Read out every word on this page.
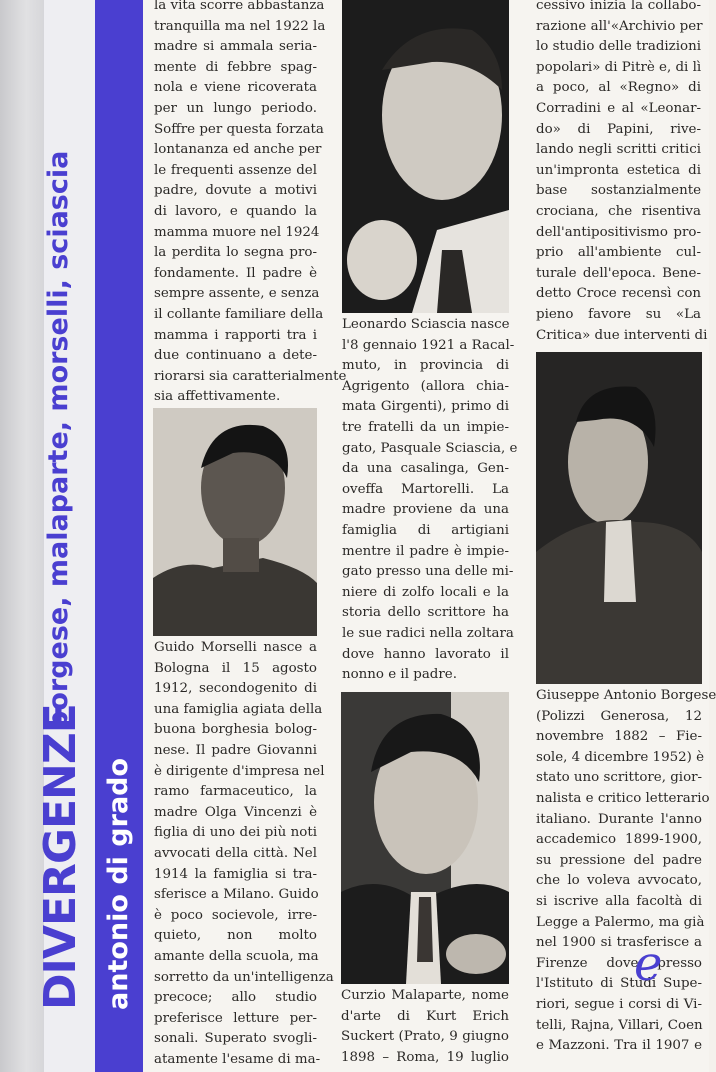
DIVERGENZE
borgese, malaparte, morselli, sciascia
antonio di grado
la vita scorre abbastanza
tranquilla ma nel 1922 la
madre si ammala seria-
mente di febbre spag-
nola e viene ricoverata
per un lungo periodo.
Soffre per questa forzata
lontananza ed anche per
le frequenti assenze del
padre, dovute a motivi
di lavoro, e quando la
mamma muore nel 1924
la perdita lo segna pro-
fondamente. Il padre è
sempre assente, e senza
il collante familiare della
mamma i rapporti tra i
due continuano a dete-
riorarsi sia caratterialmente
sia affettivamente.
Guido Morselli nasce a
Bologna il 15 agosto
1912, secondogenito di
una famiglia agiata della
buona borghesia bolog-
nese. Il padre Giovanni
è dirigente d'impresa nel
ramo farmaceutico, la
madre Olga Vincenzi è
figlia di uno dei più noti
avvocati della città. Nel
1914 la famiglia si tra-
sferisce a Milano. Guido
è poco socievole, irre-
quieto, non molto
amante della scuola, ma
sorretto da un'intelligenza
precoce; allo studio
preferisce letture per-
sonali. Superato svogli-
atamente l'esame di ma-
Leonardo Sciascia nasce
l'8 gennaio 1921 a Racal-
muto, in provincia di
Agrigento (allora chia-
mata Girgenti), primo di
tre fratelli da un impie-
gato, Pasquale Sciascia, e
da una casalinga, Gen-
oveffa Martorelli. La
madre proviene da una
famiglia di artigiani
mentre il padre è impie-
gato presso una delle mi-
niere di zolfo locali e la
storia dello scrittore ha
le sue radici nella zoltara
dove hanno lavorato il
nonno e il padre.
Curzio Malaparte, nome
d'arte di Kurt Erich
Suckert (Prato, 9 giugno
1898 – Roma, 19 luglio
cessivo inizia la collabo-
razione all'«Archivio per
lo studio delle tradizioni
popolari» di Pitrè e, di lì
a poco, al «Regno» di
Corradini e al «Leonar-
do» di Papini, rive-
lando negli scritti critici
un'impronta estetica di
base sostanzialmente
crociana, che risentiva
dell'antipositivismo pro-
prio all'ambiente cul-
turale dell'epoca. Bene-
detto Croce recensì con
pieno favore su «La
Critica» due interventi di
Giuseppe Antonio Borgese
(Polizzi Generosa, 12
novembre 1882 – Fie-
sole, 4 dicembre 1952) è
stato uno scrittore, gior-
nalista e critico letterario
italiano. Durante l'anno
accademico 1899-1900,
su pressione del padre
che lo voleva avvocato,
si iscrive alla facoltà di
Legge a Palermo, ma già
nel 1900 si trasferisce a
Firenze dove presso
l'Istituto di Studi Supe-
riori, segue i corsi di Vi-
telli, Rajna, Villari, Coen
e Mazzoni. Tra il 1907 e
e
